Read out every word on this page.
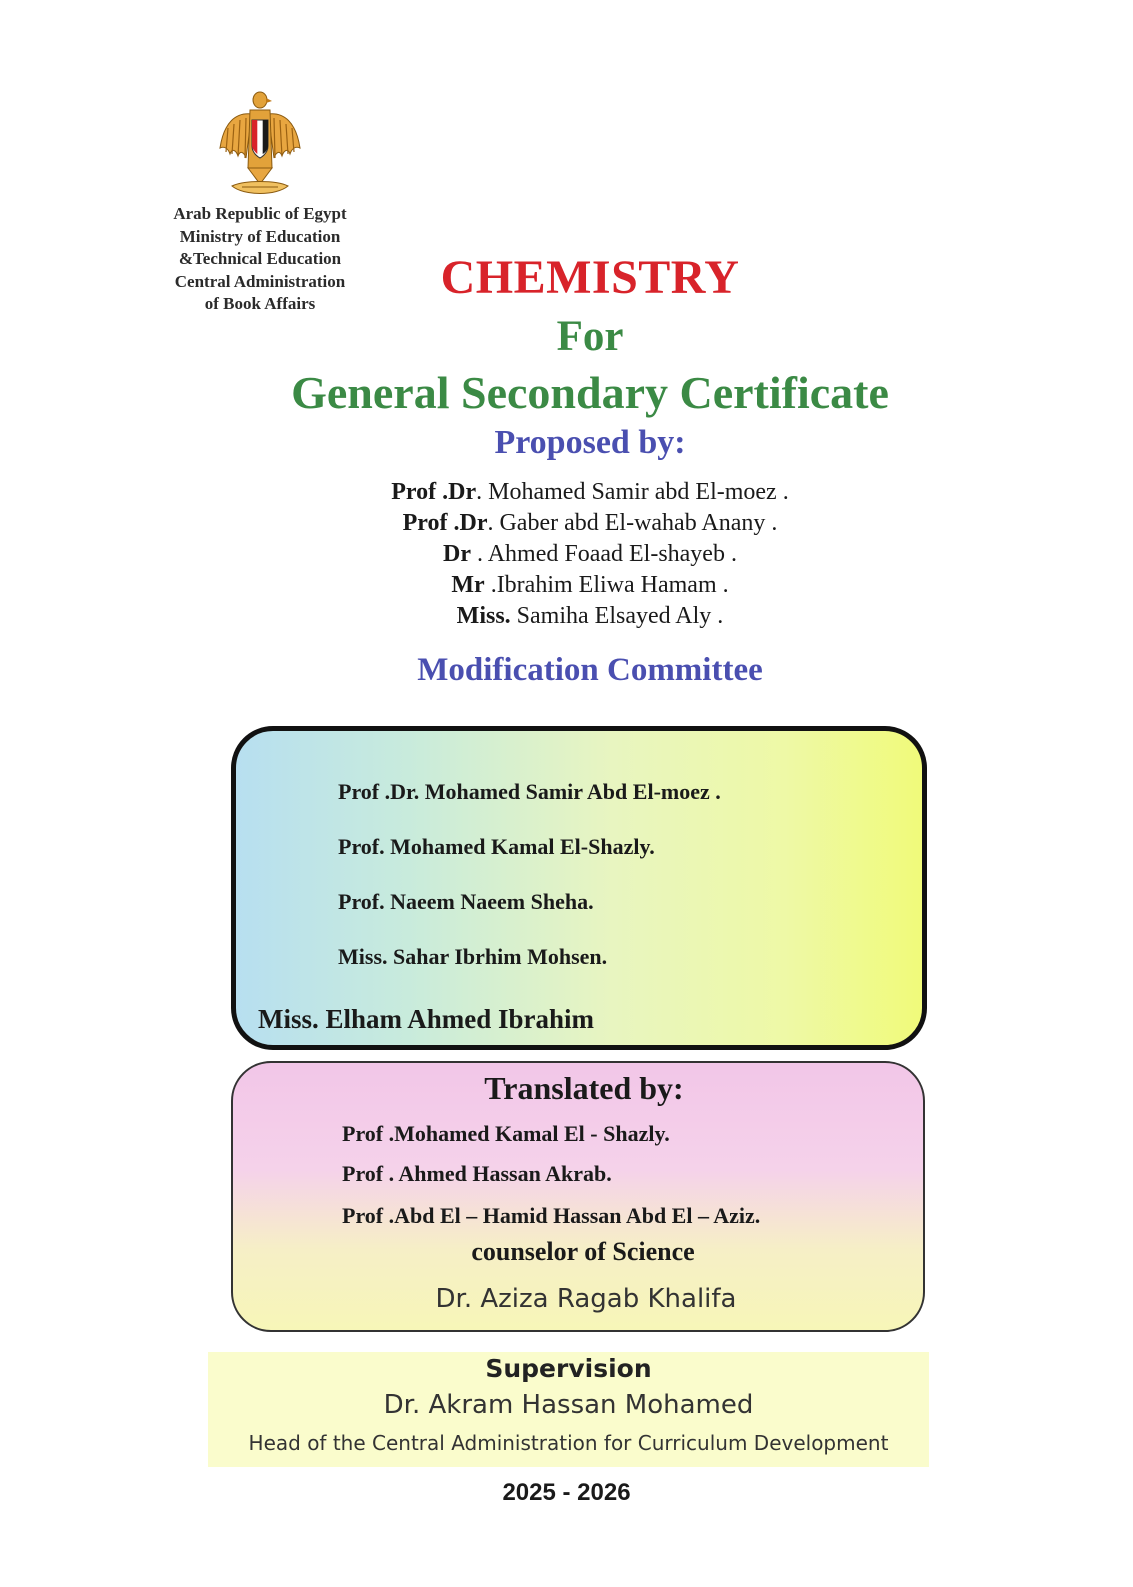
Arab Republic of Egypt
Ministry of Education
&Technical Education
Central Administration
of Book Affairs	CHEMISTRY
For
General Secondary Certificate
Proposed by:
Prof .Dr. Mohamed Samir abd El-moez .
Prof .Dr. Gaber abd El-wahab Anany .
Dr . Ahmed Foaad El-shayeb .
Mr .Ibrahim Eliwa Hamam .
Miss. Samiha Elsayed Aly .
Modification Committee
Prof .Dr. Mohamed Samir Abd El-moez .
Prof. Mohamed Kamal El-Shazly.
Prof. Naeem Naeem Sheha.
Miss. Sahar Ibrhim Mohsen.
Miss. Elham Ahmed Ibrahim
Translated by:
Prof .Mohamed Kamal El - Shazly.
Prof . Ahmed Hassan Akrab.
Prof .Abd El – Hamid Hassan Abd El – Aziz.
counselor of Science
Dr. Aziza Ragab Khalifa
Supervision
Dr. Akram Hassan Mohamed
Head of the Central Administration for Curriculum Development
2025 - 2026
